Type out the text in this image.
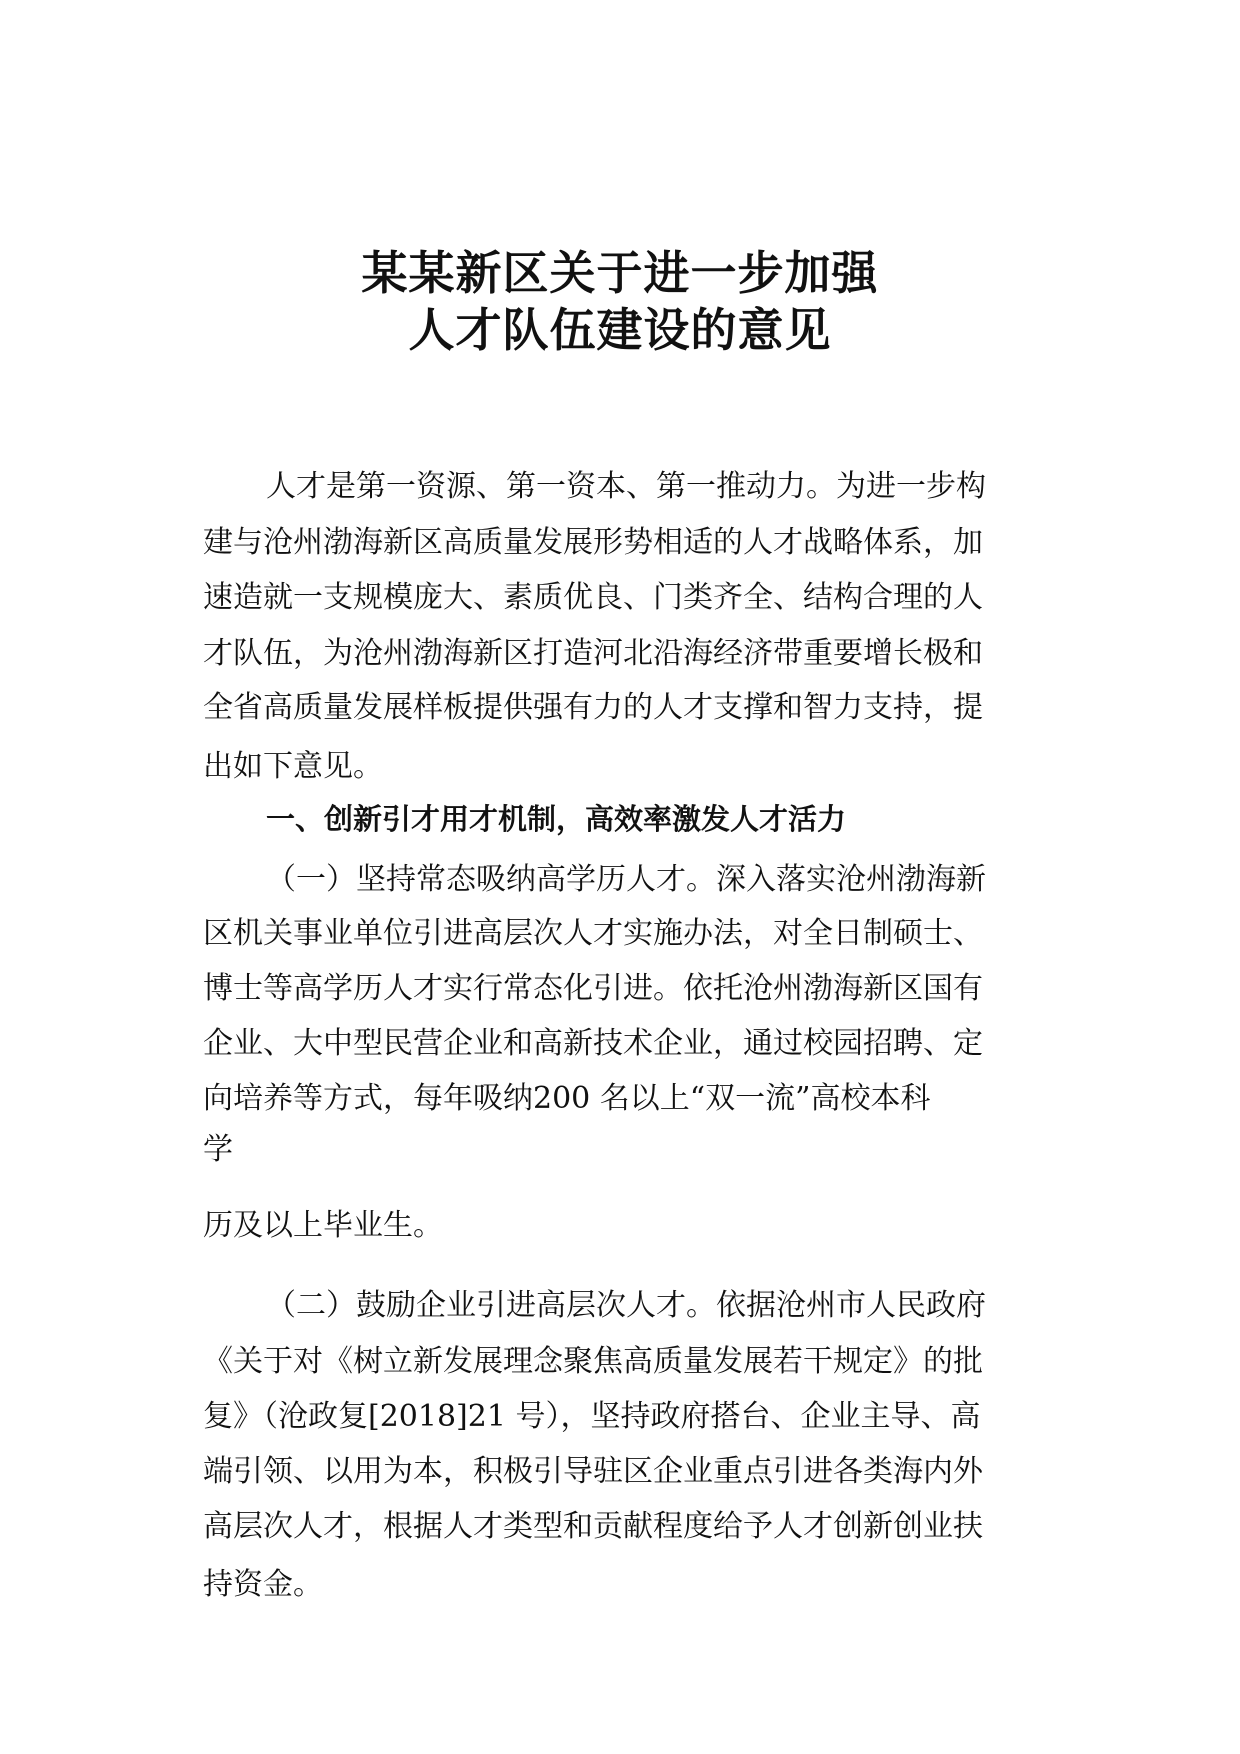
某某新区关于进一步加强
人才队伍建设的意见

人才是第一资源、第一资本、第一推动力。为进一步构

建与沧州渤海新区高质量发展形势相适的人才战略体系，加

速造就一支规模庞大、素质优良、门类齐全、结构合理的人

才队伍，为沧州渤海新区打造河北沿海经济带重要增长极和

全省高质量发展样板提供强有力的人才支撑和智力支持，提

出如下意见。

一、创新引才用才机制，高效率激发人才活力

（一）坚持常态吸纳高学历人才。深入落实沧州渤海新

区机关事业单位引进高层次人才实施办法，对全日制硕士、

博士等高学历人才实行常态化引进。依托沧州渤海新区国有

企业、大中型民营企业和高新技术企业，通过校园招聘、定

向培养等方式，每年吸纳200 名以上“双一流”高校本科

学

历及以上毕业生。

（二）鼓励企业引进高层次人才。依据沧州市人民政府

《关于对《树立新发展理念聚焦高质量发展若干规定》的批

复》（沧政复[2018]21 号），坚持政府搭台、企业主导、高

端引领、以用为本，积极引导驻区企业重点引进各类海内外

高层次人才，根据人才类型和贡献程度给予人才创新创业扶

持资金。
